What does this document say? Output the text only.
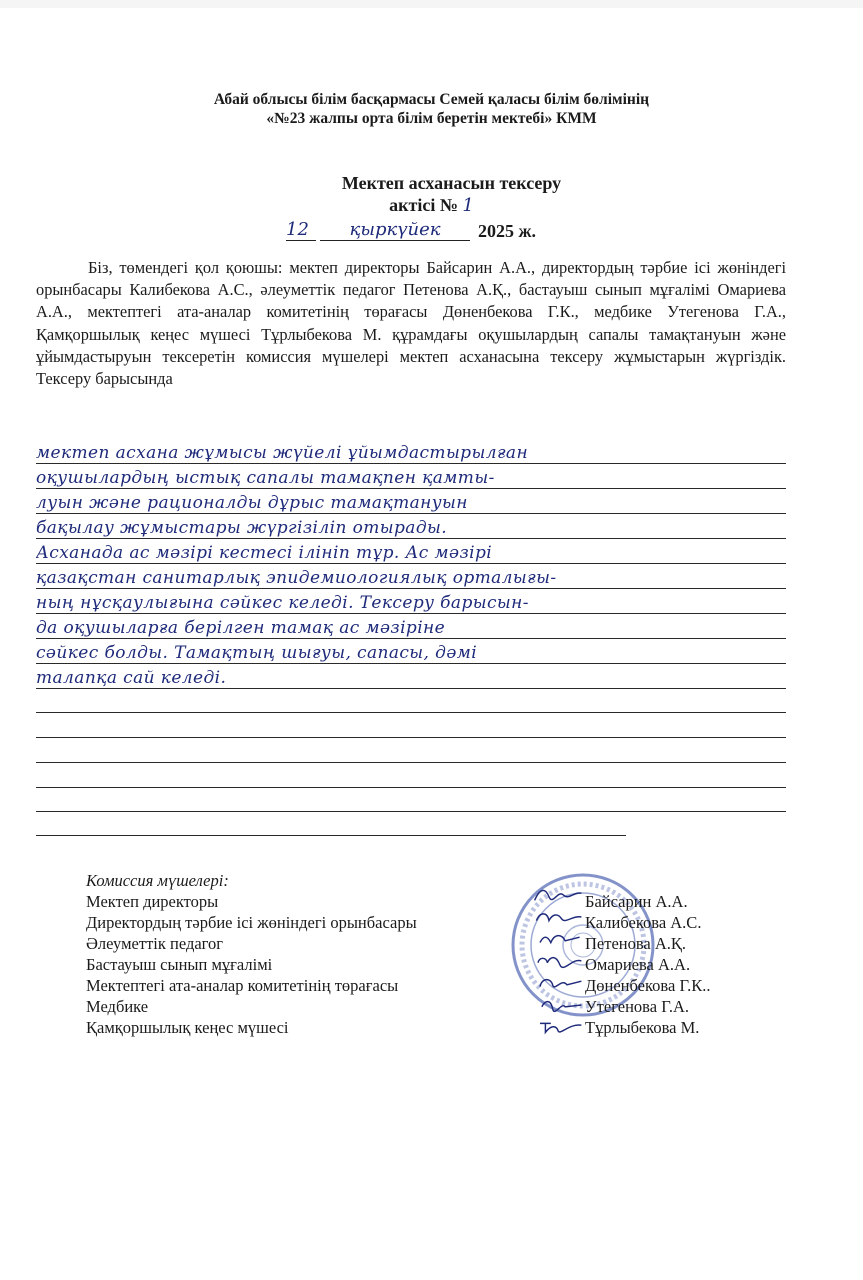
Абай облысы білім басқармасы Семей қаласы білім бөлімінің
«№23 жалпы орта білім беретін мектебі» КММ
Мектеп асханасын тексеру
актісі № 1
12	қыркүйек	2025 ж.
Біз, төмендегі қол қоюшы: мектеп директоры Байсарин А.А., директордың тәрбие ісі жөніндегі орынбасары Калибекова А.С., әлеуметтік педагог Петенова А.Қ., бастауыш сынып мұғалімі Омариева А.А., мектептегі ата-аналар комитетінің төрағасы Дөненбекова Г.К., медбике Утегенова Г.А., Қамқоршылық кеңес мүшесі Тұрлыбекова М. құрамдағы оқушылардың сапалы тамақтануын және ұйымдастыруын тексеретін комиссия мүшелері мектеп асханасына тексеру жұмыстарын жүргіздік. Тексеру барысында
мектеп асхана жұмысы жүйелі ұйымдастырылған
оқушылардың ыстық сапалы тамақпен қамты-
луын және рационалды дұрыс тамақтануын
бақылау жұмыстары жүргізіліп отырады.
Асханада ас мәзірі кестесі ілініп тұр. Ас мәзірі
қазақстан санитарлық эпидемиологиялық орталығы-
ның нұсқаулығына сәйкес келеді. Тексеру барысын-
да оқушыларға берілген тамақ ас мәзіріне
сәйкес болды. Тамақтың шығуы, сапасы, дәмі
талапқа сай келеді.
Комиссия мүшелері:
Мектеп директоры
Директордың тәрбие ісі жөніндегі орынбасары
Әлеуметтік педагог
Бастауыш сынып мұғалімі
Мектептегі ата-аналар комитетінің төрағасы
Медбике
Қамқоршылық кеңес мүшесі
Байсарин А.А.
Калибекова А.С.
Петенова А.Қ.
Омариева А.А.
Дөненбекова Г.К..
Утегенова Г.А.
Тұрлыбекова М.
